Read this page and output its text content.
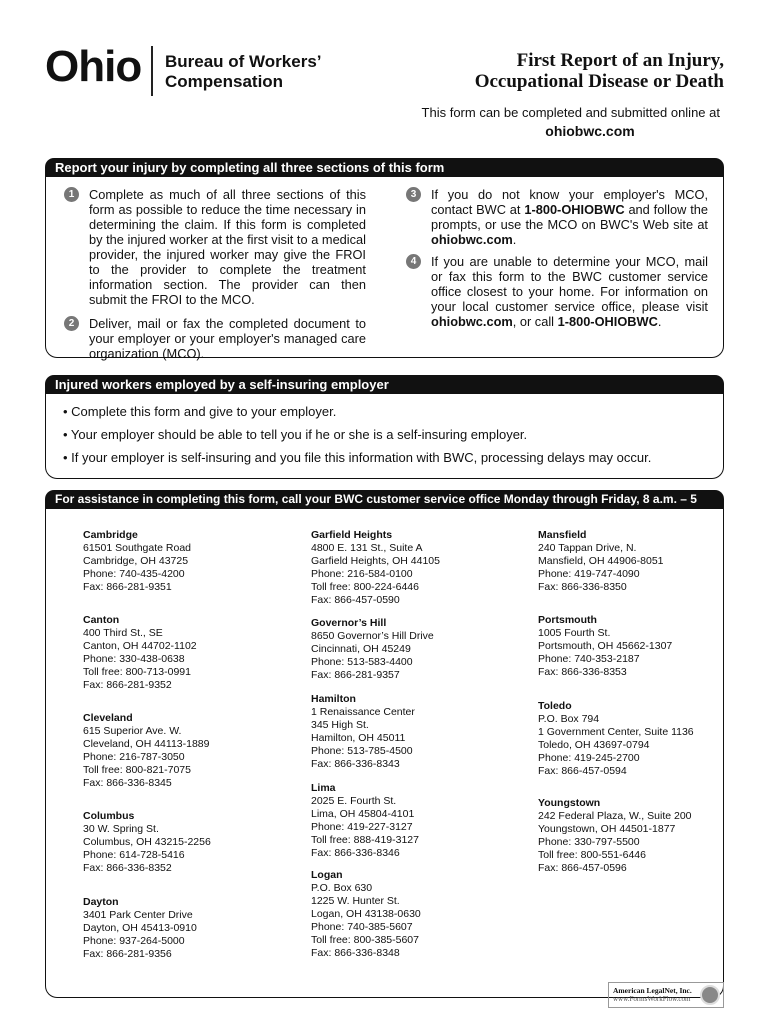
Ohio Bureau of Workers’
Compensation
First Report of an Injury,
Occupational Disease or Death
This form can be completed and submitted online at
ohiobwc.com
Report your injury by completing all three sections of this form
1	Complete as much of all three sections of this form as possible to reduce the time necessary in determining the claim. If this form is completed by the injured worker at the first visit to a medical provider, the injured worker may give the FROI to the provider to complete the treatment information section. The provider can then submit the FROI to the MCO.
2	Deliver, mail or fax the completed document to your employer or your employer's managed care organization (MCO).
3	If you do not know your employer's MCO, contact BWC at 1-800-OHIOBWC and follow the prompts, or use the MCO on BWC's Web site at ohiobwc.com.
4	If you are unable to determine your MCO, mail or fax this form to the BWC customer service office closest to your home. For information on your local customer service office, please visit ohiobwc.com, or call 1-800-OHIOBWC.
Injured workers employed by a self-insuring employer
• Complete this form and give to your employer.
• Your employer should be able to tell you if he or she is a self-insuring employer.
• If your employer is self-insuring and you file this information with BWC, processing delays may occur.
For assistance in completing this form, call your BWC customer service office Monday through Friday, 8 a.m. – 5 p.m.
Cambridge
61501 Southgate Road
Cambridge, OH 43725
Phone: 740-435-4200
Fax: 866-281-9351
Canton
400 Third St., SE
Canton, OH 44702-1102
Phone: 330-438-0638
Toll free: 800-713-0991
Fax: 866-281-9352
Cleveland
615 Superior Ave. W.
Cleveland, OH 44113-1889
Phone: 216-787-3050
Toll free: 800-821-7075
Fax: 866-336-8345
Columbus
30 W. Spring St.
Columbus, OH 43215-2256
Phone: 614-728-5416
Fax: 866-336-8352
Dayton
3401 Park Center Drive
Dayton, OH 45413-0910
Phone: 937-264-5000
Fax: 866-281-9356
Garfield Heights
4800 E. 131 St., Suite A
Garfield Heights, OH 44105
Phone: 216-584-0100
Toll free: 800-224-6446
Fax: 866-457-0590
Governor’s Hill
8650 Governor’s Hill Drive
Cincinnati, OH 45249
Phone: 513-583-4400
Fax: 866-281-9357
Hamilton
1 Renaissance Center
345 High St.
Hamilton, OH 45011
Phone: 513-785-4500
Fax: 866-336-8343
Lima
2025 E. Fourth St.
Lima, OH 45804-4101
Phone: 419-227-3127
Toll free: 888-419-3127
Fax: 866-336-8346
Logan
P.O. Box 630
1225 W. Hunter St.
Logan, OH 43138-0630
Phone: 740-385-5607
Toll free: 800-385-5607
Fax: 866-336-8348
Mansfield
240 Tappan Drive, N.
Mansfield, OH 44906-8051
Phone: 419-747-4090
Fax: 866-336-8350
Portsmouth
1005 Fourth St.
Portsmouth, OH 45662-1307
Phone: 740-353-2187
Fax: 866-336-8353
Toledo
P.O. Box 794
1 Government Center, Suite 1136
Toledo, OH 43697-0794
Phone: 419-245-2700
Fax: 866-457-0594
Youngstown
242 Federal Plaza, W., Suite 200
Youngstown, OH 44501-1877
Phone: 330-797-5500
Toll free: 800-551-6446
Fax: 866-457-0596
American LegalNet, Inc.
www.FormsWorkFlow.com
